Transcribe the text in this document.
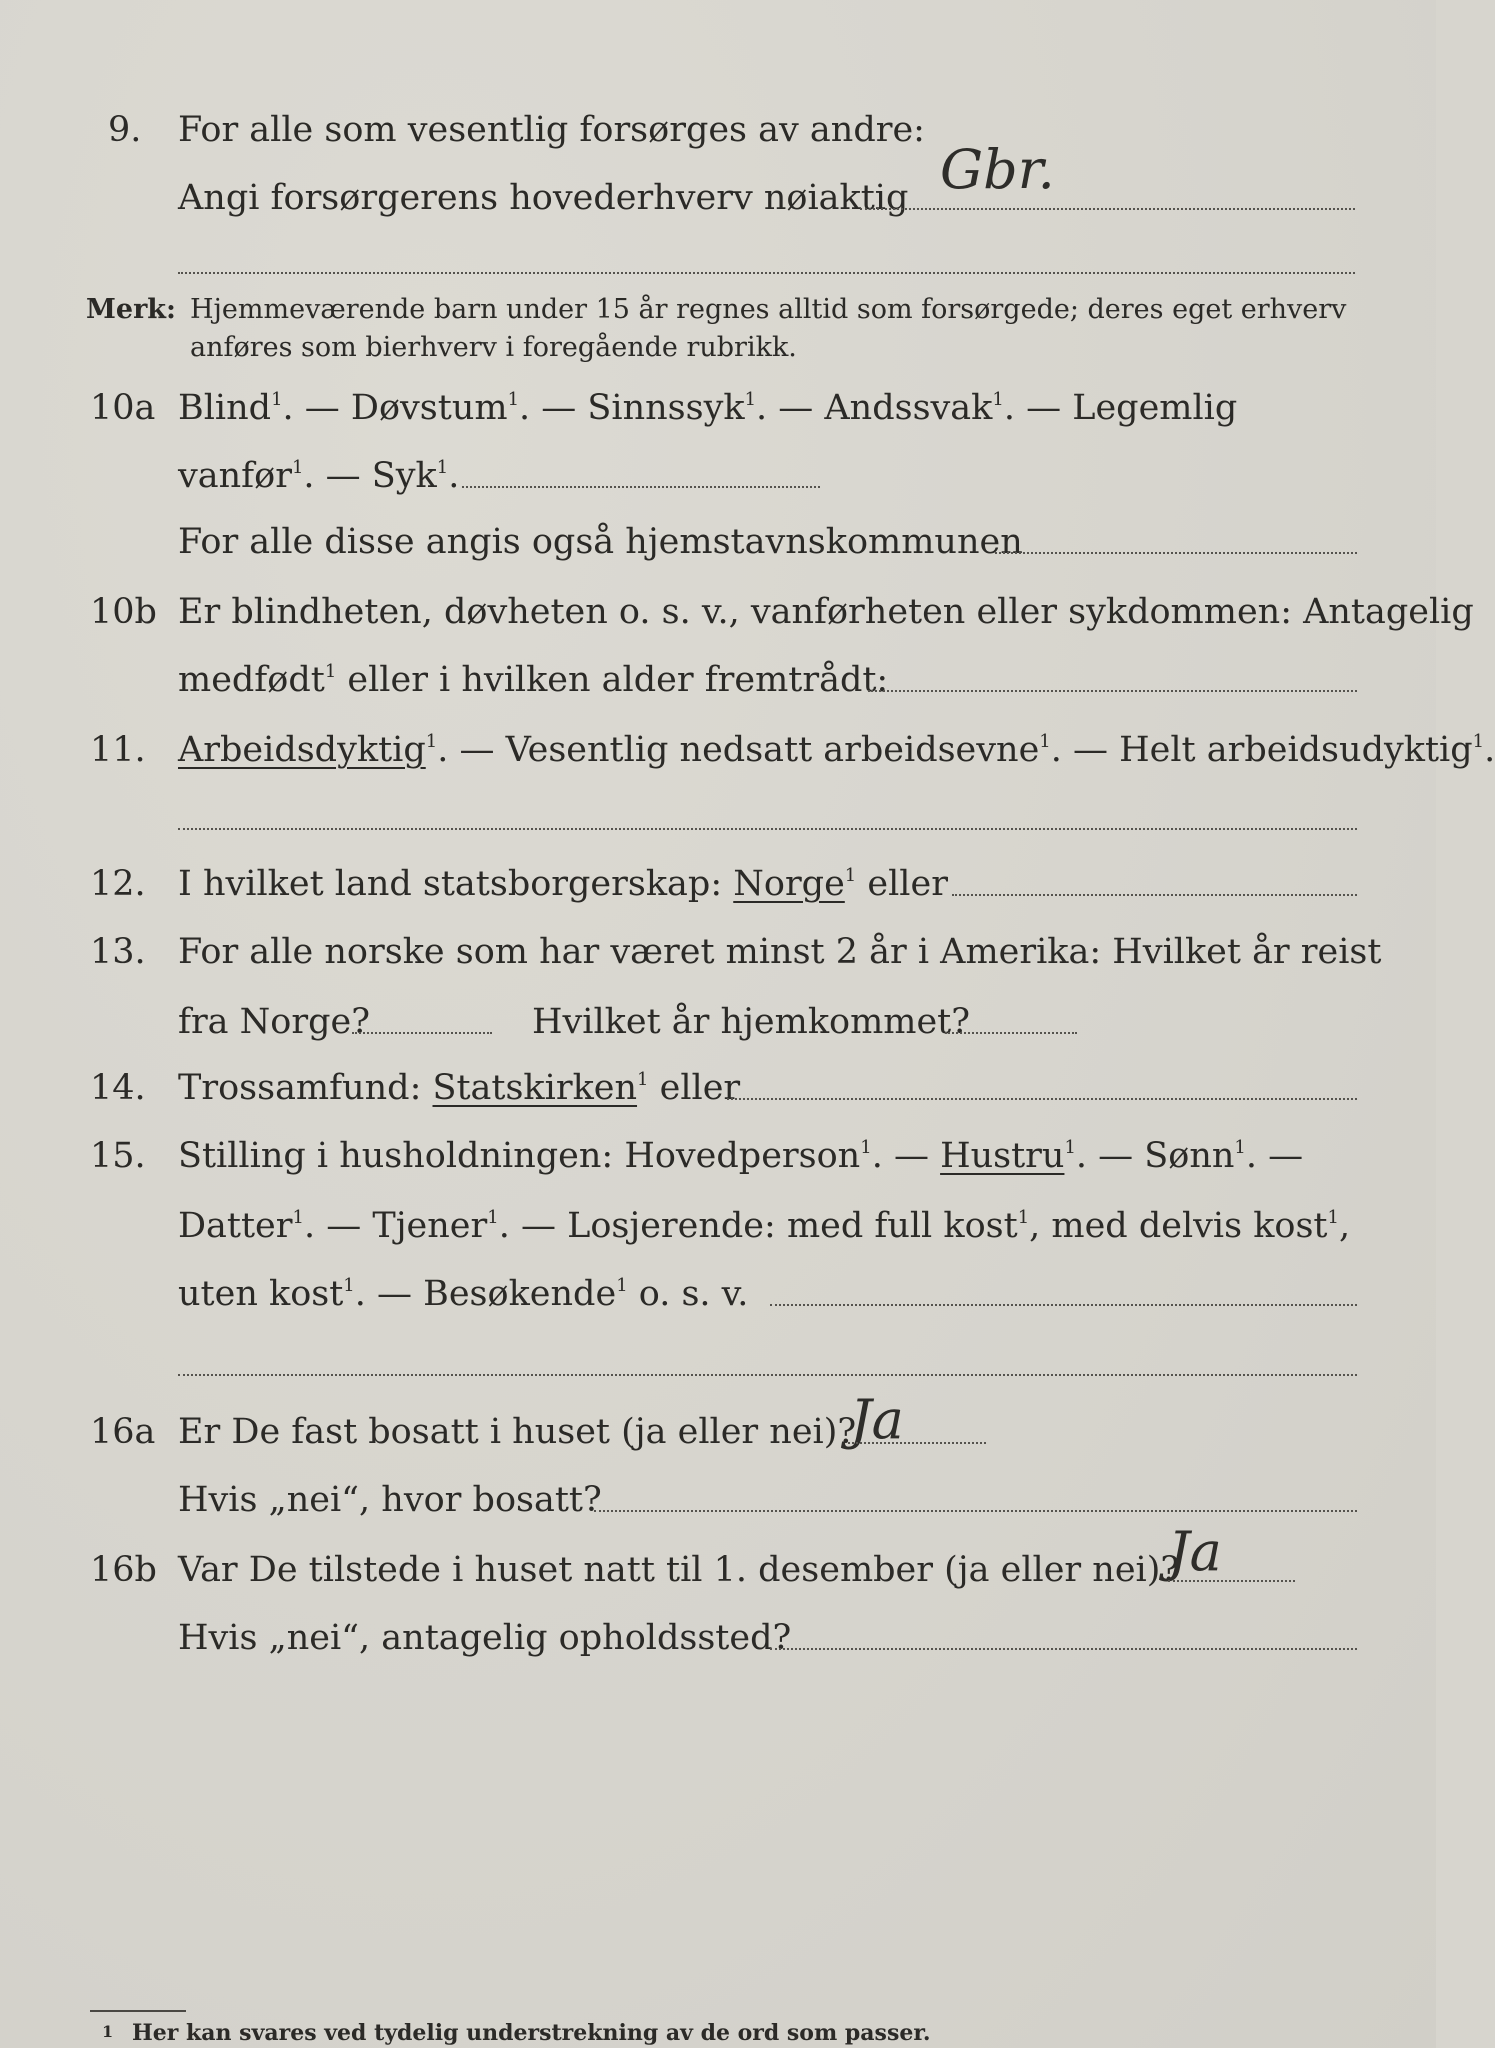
9. For alle som vesentlig forsørges av andre:
Angi forsørgerens hovederhverv nøiaktig Gbr.
Merk: Hjemmeværende barn under 15 år regnes alltid som forsørgede; deres eget erhverv
anføres som bierhverv i foregående rubrikk.
10a Blind$^1$. — Døvstum$^1$. — Sinnssyk$^1$. — Andssvak$^1$. — Legemlig
vanfør$^1$. — Syk$^1$.
For alle disse angis også hjemstavnskommunen
10b Er blindheten, døvheten o. s. v., vanførheten eller sykdommen: Antagelig
medfødt$^1$ eller i hvilken alder fremtrådt:
11. Arbeidsdyktig$^1$. — Vesentlig nedsatt arbeidsevne$^1$. — Helt arbeidsudyktig$^1$.
12. I hvilket land statsborgerskap: Norge$^1$ eller
13. For alle norske som har været minst 2 år i Amerika: Hvilket år reist
fra Norge?	Hvilket år hjemkommet?
14. Trossamfund: Statskirken$^1$ eller
15. Stilling i husholdningen: Hovedperson$^1$. — Hustru$^1$. — Sønn$^1$. —
Datter$^1$. — Tjener$^1$. — Losjerende: med full kost$^1$, med delvis kost$^1$,
uten kost$^1$. — Besøkende$^1$ o. s. v.
16a Er De fast bosatt i huset (ja eller nei)?
Ja
Hvis „nei“, hvor bosatt?
16b Var De tilstede i huset natt til 1. desember (ja eller nei)?
Ja
Hvis „nei“, antagelig opholdssted?
1 Her kan svares ved tydelig understrekning av de ord som passer.
